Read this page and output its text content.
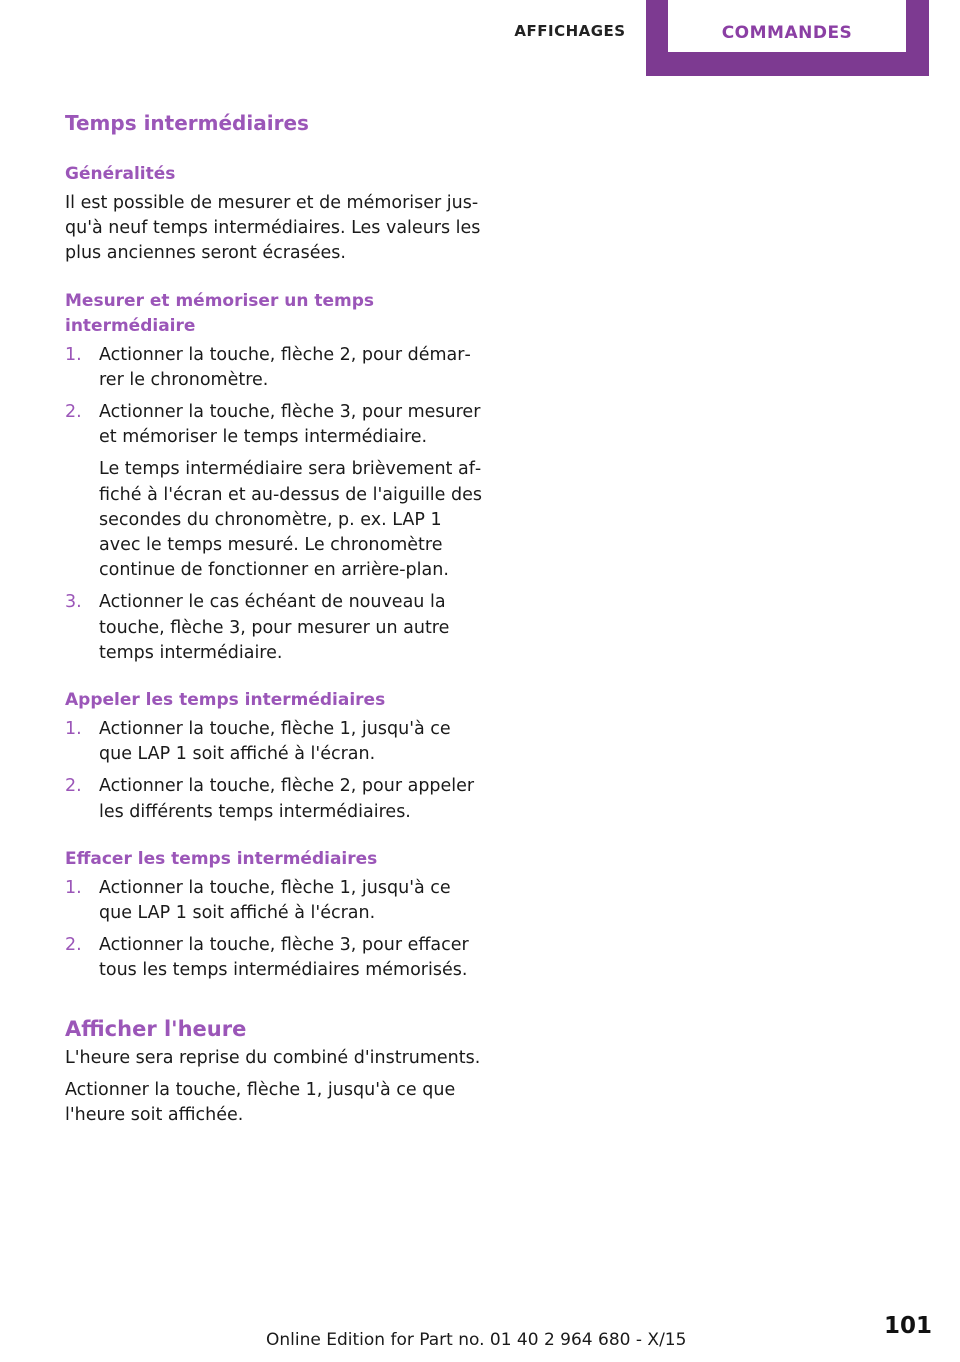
AFFICHAGES	COMMANDES
Temps intermédiaires
Généralités

Il est possible de mesurer et de mémoriser jusqu'à neuf temps intermédiaires. Les valeurs les plus anciennes seront écrasées.

Mesurer et mémoriser un temps intermédiaire
1. Actionner la touche, flèche 2, pour démarrer le chronomètre.
2. Actionner la touche, flèche 3, pour mesurer et mémoriser le temps intermédiaire.
Le temps intermédiaire sera brièvement affiché à l'écran et au-dessus de l'aiguille des secondes du chronomètre, p. ex. LAP 1 avec le temps mesuré. Le chronomètre continue de fonctionner en arrière-plan.
3. Actionner le cas échéant de nouveau la touche, flèche 3, pour mesurer un autre temps intermédiaire.
Appeler les temps intermédiaires
1. Actionner la touche, flèche 1, jusqu'à ce que LAP 1 soit affiché à l'écran.
2. Actionner la touche, flèche 2, pour appeler les différents temps intermédiaires.
Effacer les temps intermédiaires
1. Actionner la touche, flèche 1, jusqu'à ce que LAP 1 soit affiché à l'écran.
2. Actionner la touche, flèche 3, pour effacer tous les temps intermédiaires mémorisés.
Afficher l'heure

L'heure sera reprise du combiné d'instruments.

Actionner la touche, flèche 1, jusqu'à ce que l'heure soit affichée.

101
Online Edition for Part no. 01 40 2 964 680 - X/15
